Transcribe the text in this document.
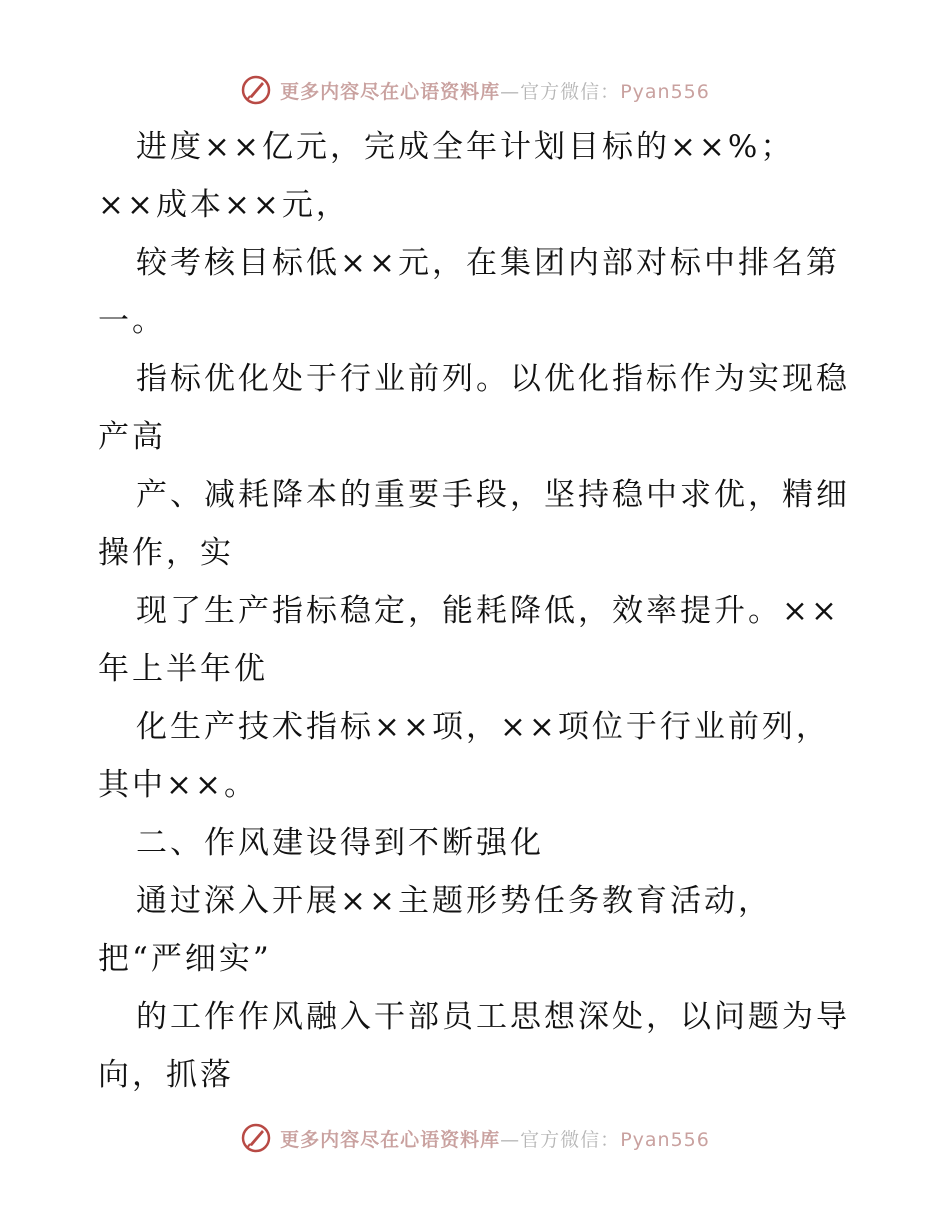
更多内容尽在心语资料库—官方微信：Pyan556
进度××亿元，完成全年计划目标的××%；
××成本××元，
较考核目标低××元，在集团内部对标中排名第
一。
指标优化处于行业前列。以优化指标作为实现稳
产高
产、减耗降本的重要手段，坚持稳中求优，精细
操作，实
现了生产指标稳定，能耗降低，效率提升。××
年上半年优
化生产技术指标××项，××项位于行业前列，
其中××。
二、作风建设得到不断强化
通过深入开展××主题形势任务教育活动，
把“严细实”
的工作作风融入干部员工思想深处，以问题为导
向，抓落
更多内容尽在心语资料库—官方微信：Pyan556
